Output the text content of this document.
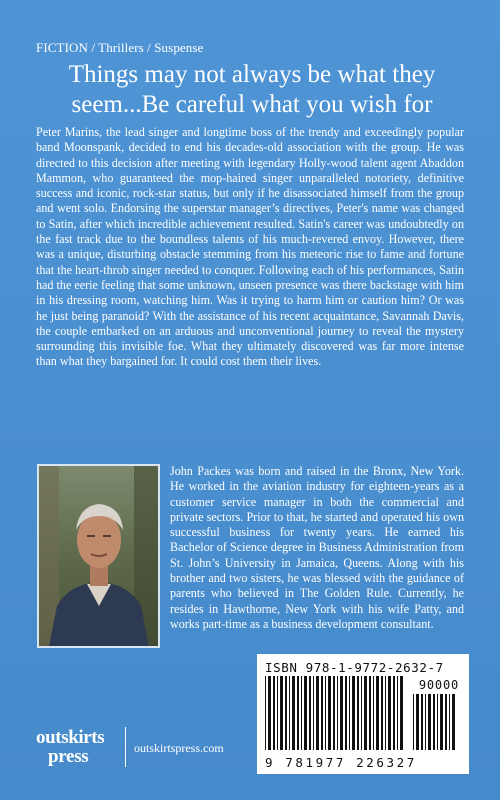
FICTION / Thrillers / Suspense
Things may not always be what they seem...Be careful what you wish for

Peter Marins, the lead singer and longtime boss of the trendy and exceedingly popular band Moonspank, decided to end his decades-old association with the group. He was directed to this decision after meeting with legendary Holly-wood talent agent Abaddon Mammon, who guaranteed the mop-haired singer unparalleled notoriety, definitive success and iconic, rock-star status, but only if he disassociated himself from the group and went solo. Endorsing the superstar manager’s directives, Peter's name was changed to Satin, after which incredible achievement resulted. Satin's career was undoubtedly on the fast track due to the boundless talents of his much-revered envoy. However, there was a unique, disturbing obstacle stemming from his meteoric rise to fame and fortune that the heart-throb singer needed to conquer. Following each of his performances, Satin had the eerie feeling that some unknown, unseen presence was there backstage with him in his dressing room, watching him. Was it trying to harm him or caution him? Or was he just being paranoid? With the assistance of his recent acquaintance, Savannah Davis, the couple embarked on an arduous and unconventional journey to reveal the mystery surrounding this invisible foe. What they ultimately discovered was far more intense than what they bargained for. It could cost them their lives.

John Packes was born and raised in the Bronx, New York. He worked in the aviation industry for eighteen-years as a customer service manager in both the commercial and private sectors. Prior to that, he started and operated his own successful business for twenty years. He earned his Bachelor of Science degree in Business Administration from St. John’s University in Jamaica, Queens. Along with his brother and two sisters, he was blessed with the guidance of parents who believed in The Golden Rule. Currently, he resides in Hawthorne, New York with his wife Patty, and works part-time as a business development consultant.

ISBN 978-1-9772-2632-7
90000
9 781977 226327
outskirts
press	outskirtspress.com
